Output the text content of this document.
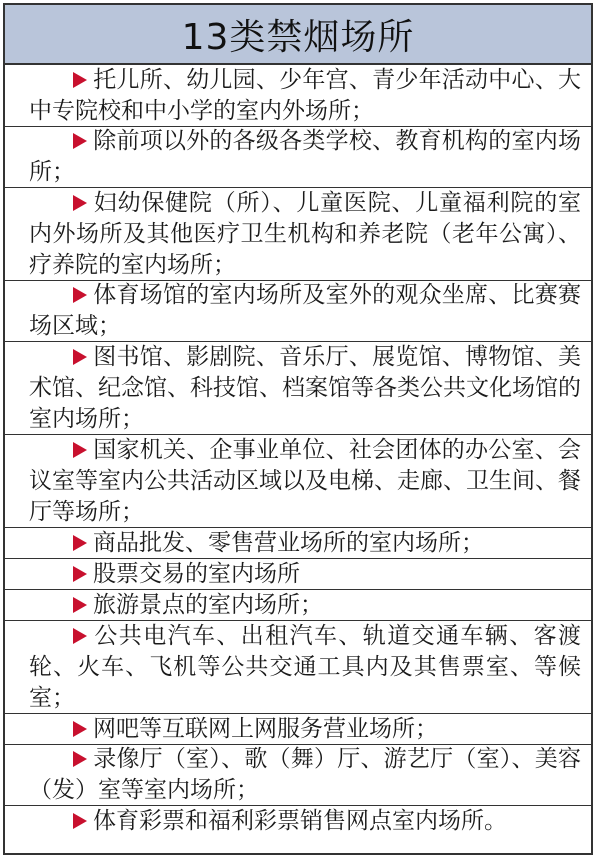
13类禁烟场所
托儿所、幼儿园、少年宫、青少年活动中心、大中专院校和中小学的室内外场所；
除前项以外的各级各类学校、教育机构的室内场所；
妇幼保健院（所）、儿童医院、儿童福利院的室内外场所及其他医疗卫生机构和养老院（老年公寓）、疗养院的室内场所；
体育场馆的室内场所及室外的观众坐席、比赛赛场区域；
图书馆、影剧院、音乐厅、展览馆、博物馆、美术馆、纪念馆、科技馆、档案馆等各类公共文化场馆的室内场所；
国家机关、企事业单位、社会团体的办公室、会议室等室内公共活动区域以及电梯、走廊、卫生间、餐厅等场所；
商品批发、零售营业场所的室内场所；
股票交易的室内场所
旅游景点的室内场所；
公共电汽车、出租汽车、轨道交通车辆、客渡轮、火车、飞机等公共交通工具内及其售票室、等候室；
网吧等互联网上网服务营业场所；
录像厅（室）、歌（舞）厅、游艺厅（室）、美容（发）室等室内场所；
体育彩票和福利彩票销售网点室内场所。
